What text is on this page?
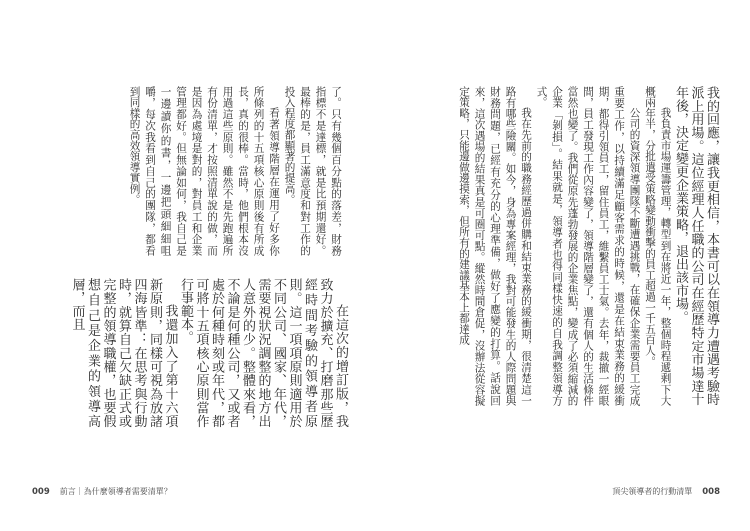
了。只有幾個百分點的落差，財務指標不是達標，就是比預期還好。最棒的是，員工滿意度和對工作的投入程度都顯著的提高。

看著領導階層在運用了好多你所條列的十五項核心原則後有所成長，真的很棒。當時，他們根本沒用過這些原則。雖然不是先跑遍所有份清單，才按照清單說的做，而是因為處境是對的，對員工和企業管理都好。但無論如何，我自己是一邊讀你的書，一邊把頭細細咀嚼，每次我看到自己的團隊，都看到同樣的高效領導實例。

在這次的增訂版，我致力於擴充、打磨那些歷經時間考驗的領導者原則。這一項項原則適用於不同公司、國家、年代，需要視狀況調整的地方出人意外的少。整體來看，不論是何種公司，又或者處於何種時刻或年代，都可將十五項核心原則當作行事範本。

我還加入了第十六項新原則，同樣可視為放諸四海皆準：在思考與行動時，就算自己欠缺正式或完整的領導職權，也要假想自己是企業的領導高層，而且

009 前言｜為什麼領導者需要清單？

我的回應，讓我更相信，本書可以在領導力遭遇考驗時派上用場。這位經理人任職的公司在經歷特定市場達十年後，決定變更企業策略，退出該市場。

我負責市場運籌管理，轉型到在將近一年，整個時程遞剩下大概兩年半，分批遣受策略變動衝擊的員工超過一千五百人。

公司的資深領導團隊不斷遭遇挑戰，在確保企業需要員工完成重要工作，以持續滿足顧客需求的時候，還是在結束業務的緩衝期，都得引領員工，留住員工，維繫員工士氣。去年，裁撤一經眼間，員工發現工作內容變了，領導階層變了，還有個人的生活條件當然也變了。我們從原先蓬勃發展的企業焦點，變成了必須縮減的企業「剝損」。結果就是，領導者也得同樣快速的自我調整領導方式。

我在先前的職務經歷過併購和結束業務的緩衝期，很清楚這一路有哪些險關。如今，身為專案經理，我對可能發生的人際問題與財務問題，已經有充分的心理準備，做好了應變的打算。話說回來，這次遇場的結果真是可圈可點。縱然時間倉促，沒辦法從容擬定策略，只能邊做邊摸索，但所有的建議基本上都達成

頂尖領導者的行動清單 008
